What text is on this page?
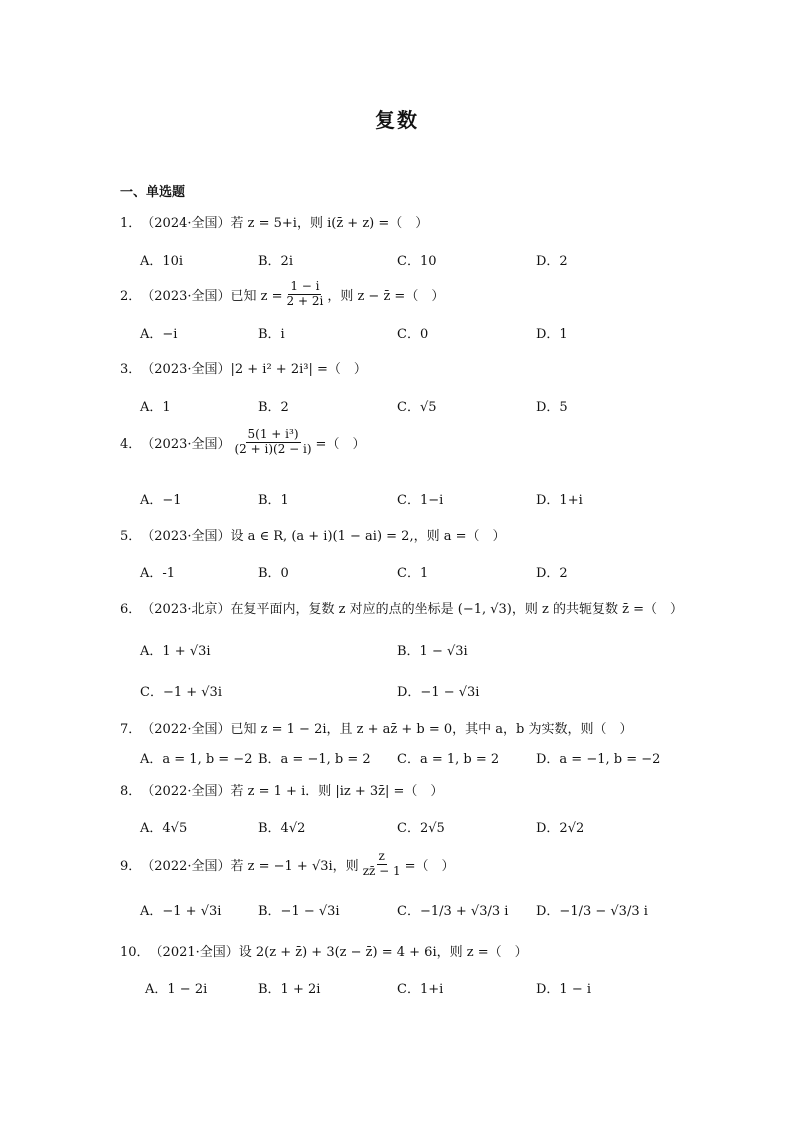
复数
一、单选题
1． （2024·全国） 若 z = 5+i，则 i(z̄ + z) =（　）
A．10i	B．2i	C．10	D．2
2． （2023·全国） 已知 $z = \frac{1 - i}{2 + 2i}$ ，则 z − z̄ =（　）
A．−i	B．i	C．0	D．1
3． （2023·全国） |2 + i² + 2i³| =（　）
A．1	B．2	C．√5	D．5
4． （2023·全国） $\frac{\text{5(1 + i³)}}{(2 + i)(2 - i)}$ =（　）
A．−1	B．1	C．1−i	D．1+i
5． （2023·全国） 设 a ∈ R, (a + i)(1 − ai) = 2,，则 a =（　）
A．-1	B．0	C．1	D．2
6． （2023·北京） 在复平面内，复数 z 对应的点的坐标是 (−1, √3)，则 z 的共轭复数 z̄ =（　）
A．1 + √3i	B．1 − √3i
C．−1 + √3i	D．−1 − √3i
7． （2022·全国） 已知 z = 1 − 2i，且 z + az̄ + b = 0，其中 a，b 为实数，则（　）
A．a = 1, b = −2 B．a = −1, b = 2 C．a = 1, b = 2	D．a = −1, b = −2
8． （2022·全国） 若 z = 1 + i．则 |iz + 3z̄| =（　）
A．4√5	B．4√2	C．2√5	D．2√2
9． （2022·全国） 若 z = −1 + √3i，则 $\frac{z}{zz̄ - 1}$ =（　）
A．−1 + √3i	B．−1 − √3i	C．−1/3 + √3/3 i D．−1/3 − √3/3 i
10． （2021·全国） 设 2(z + z̄) + 3(z − z̄) = 4 + 6i，则 z =（　）
A．1 − 2i	B．1 + 2i	C．1+i	D．1 − i
